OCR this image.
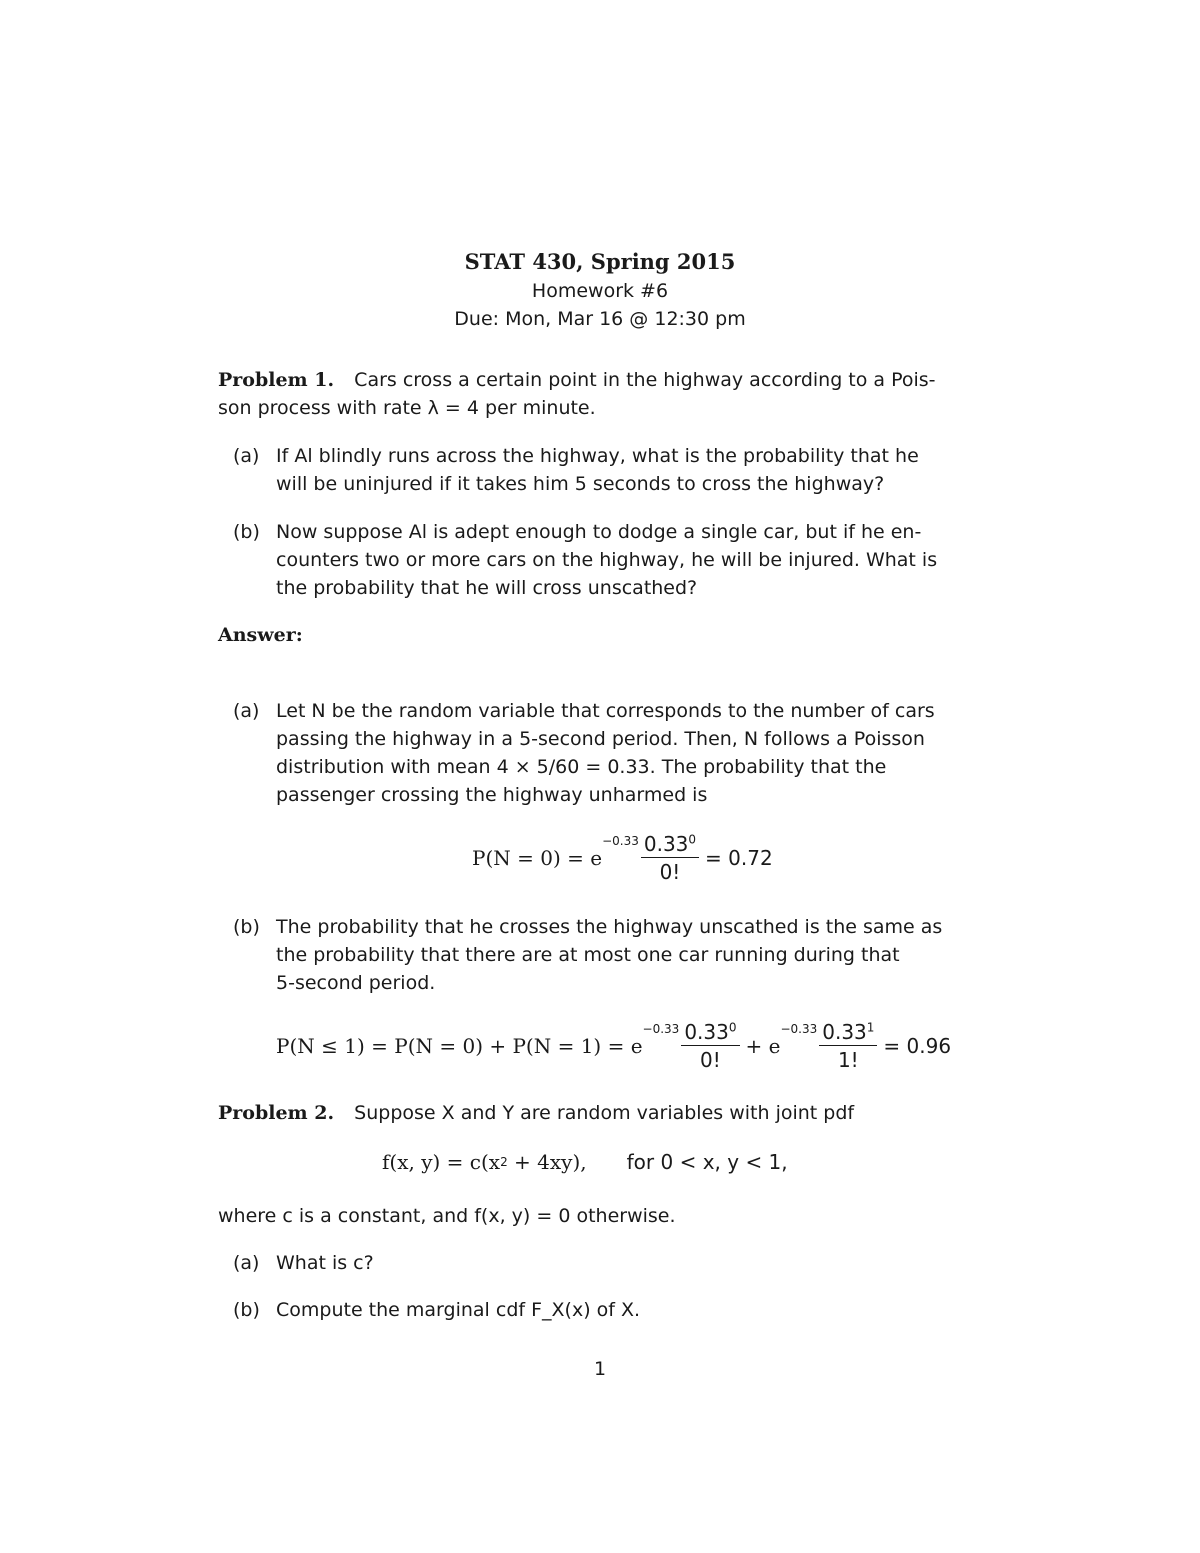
STAT 430, Spring 2015
Homework #6
Due: Mon, Mar 16 @ 12:30 pm
Problem 1. Cars cross a certain point in the highway according to a Pois-
son process with rate λ = 4 per minute.
(a) If Al blindly runs across the highway, what is the probability that he
will be uninjured if it takes him 5 seconds to cross the highway?
(b) Now suppose Al is adept enough to dodge a single car, but if he en-
counters two or more cars on the highway, he will be injured. What is
the probability that he will cross unscathed?
Answer:
(a) Let N be the random variable that corresponds to the number of cars
passing the highway in a 5-second period. Then, N follows a Poisson
distribution with mean 4 × 5/60 = 0.33. The probability that the
passenger crossing the highway unharmed is
P(N = 0) = e
$^{-0.33} \frac{0.33^0}{0!} = 0.72$
(b) The probability that he crosses the highway unscathed is the same as
the probability that there are at most one car running during that
5-second period.
P(N ≤ 1) = P(N = 0) + P(N = 1) = e
$^{-0.33} \frac{0.33^0}{0!} + e$
$^{-0.33} \frac{0.33^1}{1!} = 0.96$
Problem 2. Suppose X and Y are random variables with joint pdf
f(x, y) = c(x 2 + 4xy), for 0 < x, y < 1,
where c is a constant, and f(x, y) = 0 otherwise.
(a) What is c?
(b) Compute the marginal cdf F_X(x) of X.
1
